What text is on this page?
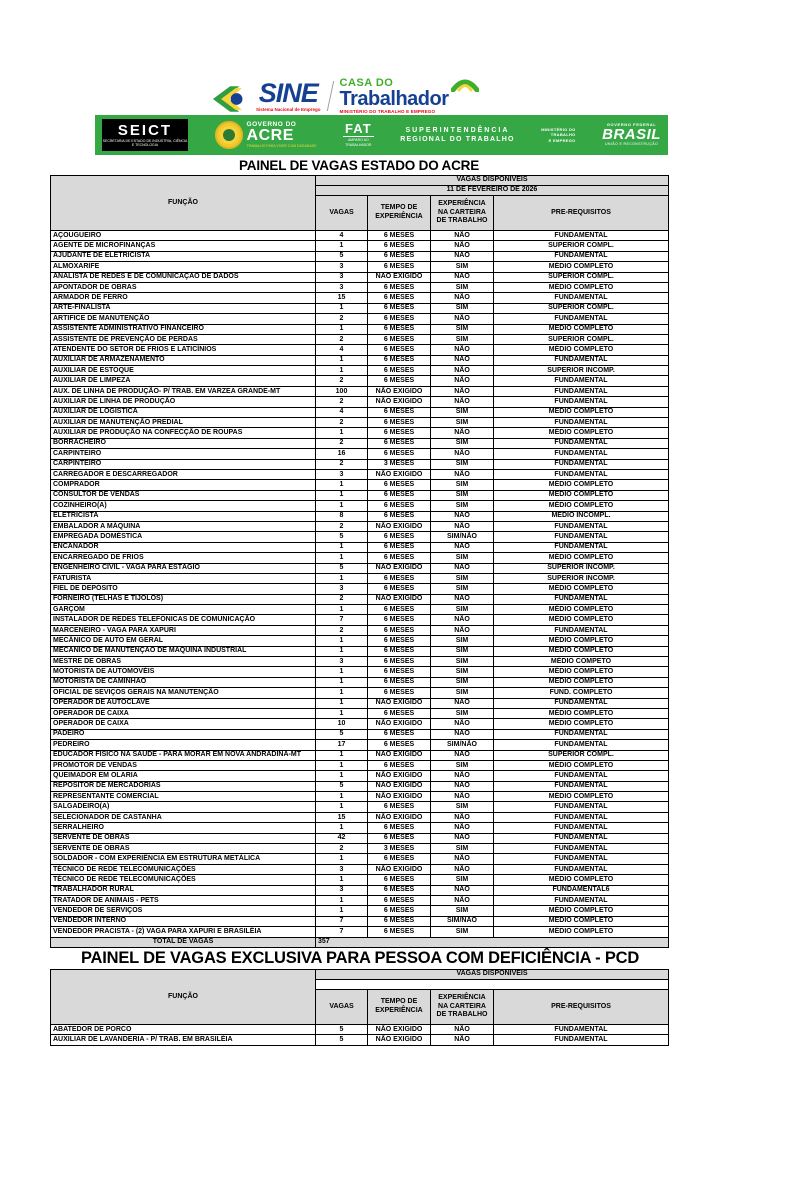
SINE
Sistema Nacional de Emprego
CASA DO
Trabalhador
MINISTÉRIO DO TRABALHO E EMPREGO
SEICT
SECRETARIA DE ESTADO DE INDÚSTRIA, CIÊNCIA E TECNOLOGIA
GOVERNO DO
ACRE
TRABALHO PARA VIVER COM DIGNIDADE
FAT
AMPARO AO
TRABALHADOR
SUPERINTENDÊNCIA
REGIONAL DO TRABALHO
MINISTÉRIO DO
TRABALHO
E EMPREGO
GOVERNO FEDERAL
BRASIL
UNIÃO E RECONSTRUÇÃO
PAINEL DE VAGAS ESTADO DO ACRE
FUNÇÃO	VAGAS DISPONÍVEIS			
	11 DE FEVEREIRO DE 2026			
	VAGAS	TEMPO DE EXPERIÊNCIA	EXPERIÊNCIA NA CARTEIRA DE TRABALHO	PRE-REQUISITOS
AÇOUGUEIRO	4	6 MESES	NÃO	FUNDAMENTAL
AGENTE DE MICROFINANÇAS	1	6 MESES	NÃO	SUPERIOR COMPL.
AJUDANTE DE ELETRICISTA	5	6 MESES	NÃO	FUNDAMENTAL
ALMOXARIFE	3	6 MESES	SIM	MÉDIO COMPLETO
ANALISTA DE REDES E DE COMUNICAÇÃO DE DADOS	3	NÃO EXIGIDO	NÃO	SUPERIOR COMPL.
APONTADOR DE OBRAS	3	6 MESES	SIM	MÉDIO COMPLETO
ARMADOR DE FERRO	15	6 MESES	NÃO	FUNDAMENTAL
ARTE-FINALISTA	1	6 MESES	SIM	SUPERIOR COMPL.
ARTIFICE DE MANUTENÇÃO	2	6 MESES	NÃO	FUNDAMENTAL
ASSISTENTE ADMINISTRATIVO FINANCEIRO	1	6 MESES	SIM	MÉDIO COMPLETO
ASSISTENTE DE PREVENÇÃO DE PERDAS	2	6 MESES	SIM	SUPERIOR COMPL.
ATENDENTE DO SETOR DE FRIOS E LATICÍNIOS	4	6 MESES	NÃO	MÉDIO COMPLETO
AUXILIAR DE ARMAZENAMENTO	1	6 MESES	NÃO	FUNDAMENTAL
AUXILIAR DE ESTOQUE	1	6 MESES	NÃO	SUPERIOR INCOMP.
AUXILIAR DE LIMPEZA	2	6 MESES	NÃO	FUNDAMENTAL
AUX. DE LINHA DE PRODUÇÃO- P/ TRAB. EM VARZEA GRANDE-MT	100	NÃO EXIGIDO	NÃO	FUNDAMENTAL
AUXILIAR DE LINHA DE PRODUÇÃO	2	NÃO EXIGIDO	NÃO	FUNDAMENTAL
AUXILIAR DE LOGÍSTICA	4	6 MESES	SIM	MÉDIO COMPLETO
AUXILIAR DE MANUTENÇÃO PREDIAL	2	6 MESES	SIM	FUNDAMENTAL
AUXILIAR DE PRODUÇÃO NA CONFECÇÃO DE ROUPAS	1	6 MESES	NÃO	MÉDIO COMPLETO
BORRACHEIRO	2	6 MESES	SIM	FUNDAMENTAL
CARPINTEIRO	16	6 MESES	NÃO	FUNDAMENTAL
CARPINTEIRO	2	3 MESES	SIM	FUNDAMENTAL
CARREGADOR E DESCARREGADOR	3	NÃO EXIGIDO	NÃO	FUNDAMENTAL
COMPRADOR	1	6 MESES	SIM	MÉDIO COMPLETO
CONSULTOR DE VENDAS	1	6 MESES	SIM	MÉDIO COMPLETO
COZINHEIRO(A)	1	6 MESES	SIM	MÉDIO COMPLETO
ELETRICISTA	8	6 MESES	NÃO	MÉDIO INCOMPL.
EMBALADOR A MÁQUINA	2	NÃO EXIGIDO	NÃO	FUNDAMENTAL
EMPREGADA DOMÉSTICA	5	6 MESES	SIM/NÃO	FUNDAMENTAL
ENCANADOR	1	6 MESES	NÃO	FUNDAMENTAL
ENCARREGADO DE FRIOS	1	6 MESES	SIM	MÉDIO COMPLETO
ENGENHEIRO CIVIL - VAGA PARA ESTÁGIO	5	NÃO EXIGIDO	NÃO	SUPERIOR INCOMP.
FATURISTA	1	6 MESES	SIM	SUPERIOR INCOMP.
FIEL DE DEPÓSITO	3	6 MESES	SIM	MÉDIO COMPLETO
FORNEIRO (TELHAS E TIJOLOS)	2	NÃO EXIGIDO	NÃO	FUNDAMENTAL
GARÇOM	1	6 MESES	SIM	MÉDIO COMPLETO
INSTALADOR DE REDES TELEFÔNICAS DE COMUNICAÇÃO	7	6 MESES	NÃO	MÉDIO COMPLETO
MARCENEIRO - VAGA PARA XAPURI	2	6 MESES	NÃO	FUNDAMENTAL
MECÂNICO DE AUTO EM GERAL	1	6 MESES	SIM	MÉDIO COMPLETO
MECÂNICO DE MANUTENÇÃO DE MÁQUINA INDUSTRIAL	1	6 MESES	SIM	MÉDIO COMPLETO
MESTRE DE OBRAS	3	6 MESES	SIM	MÉDIO COMPETO
MOTORISTA DE AUTOMOVÉIS	1	6 MESES	SIM	MÉDIO COMPLETO
MOTORISTA DE CAMINHÃO	1	6 MESES	SIM	MÉDIO COMPLETO
OFICIAL DE SEVIÇOS GERAIS NA MANUTENÇÃO	1	6 MESES	SIM	FUND. COMPLETO
OPERADOR DE AUTOCLAVE	1	NÃO EXIGIDO	NÃO	FUNDAMENTAL
OPERADOR DE CAIXA	1	6 MESES	SIM	MÉDIO COMPLETO
OPERADOR DE CAIXA	10	NÃO EXIGIDO	NÃO	MÉDIO COMPLETO
PADEIRO	5	6 MESES	NÃO	FUNDAMENTAL
PEDREIRO	17	6 MESES	SIM/NÃO	FUNDAMENTAL
EDUCADOR FÍSICO NA SAÚDE - PARA MORAR EM NOVA ANDRADINA-MT	1	NÃO EXIGIDO	NÃO	SUPERIOR COMPL.
PROMOTOR DE VENDAS	1	6 MESES	SIM	MÉDIO COMPLETO
QUEIMADOR EM OLARIA	1	NÃO EXIGIDO	NÃO	FUNDAMENTAL
REPOSITOR DE MERCADORIAS	5	NÃO EXIGIDO	NÃO	FUNDAMENTAL
REPRESENTANTE COMERCIAL	1	NÃO EXIGIDO	NÃO	MÉDIO COMPLETO
SALGADEIRO(A)	1	6 MESES	SIM	FUNDAMENTAL
SELECIONADOR DE CASTANHA	15	NÃO EXIGIDO	NÃO	FUNDAMENTAL
SERRALHEIRO	1	6 MESES	NÃO	FUNDAMENTAL
SERVENTE DE OBRAS	42	6 MESES	NÃO	FUNDAMENTAL
SERVENTE DE OBRAS	2	3 MESES	SIM	FUNDAMENTAL
SOLDADOR - COM EXPERIÊNCIA EM ESTRUTURA METÁLICA	1	6 MESES	NÃO	FUNDAMENTAL
TÉCNICO DE REDE TELECOMUNICAÇÕES	3	NÃO EXIGIDO	NÃO	FUNDAMENTAL
TÉCNICO DE REDE TELECOMUNICAÇÕES	1	6 MESES	SIM	MÉDIO COMPLETO
TRABALHADOR RURAL	3	6 MESES	NÃO	FUNDAMENTAL6
TRATADOR DE ANIMAIS - PETS	1	6 MESES	NÃO	FUNDAMENTAL
VENDEDOR DE SERVIÇOS	1	6 MESES	SIM	MÉDIO COMPLETO
VENDEDOR INTERNO	7	6 MESES	SIM/NÃO	MÉDIO COMPLETO
VENDEDOR PRACISTA - (2) VAGA PARA XAPURI E BRASILÉIA	7	6 MESES	SIM	MÉDIO COMPLETO
TOTAL DE VAGAS	357			
PAINEL DE VAGAS EXCLUSIVA PARA PESSOA COM DEFICIÊNCIA - PCD
FUNÇÃO	VAGAS DISPONÍVEIS			

	VAGAS	TEMPO DE EXPERIÊNCIA	EXPERIÊNCIA NA CARTEIRA DE TRABALHO	PRE-REQUISITOS
ABATEDOR DE PORCO	5	NÃO EXIGIDO	NÃO	FUNDAMENTAL
AUXILIAR DE LAVANDERIA - P/ TRAB. EM BRASILÉIA	5	NÃO EXIGIDO	NÃO	FUNDAMENTAL
